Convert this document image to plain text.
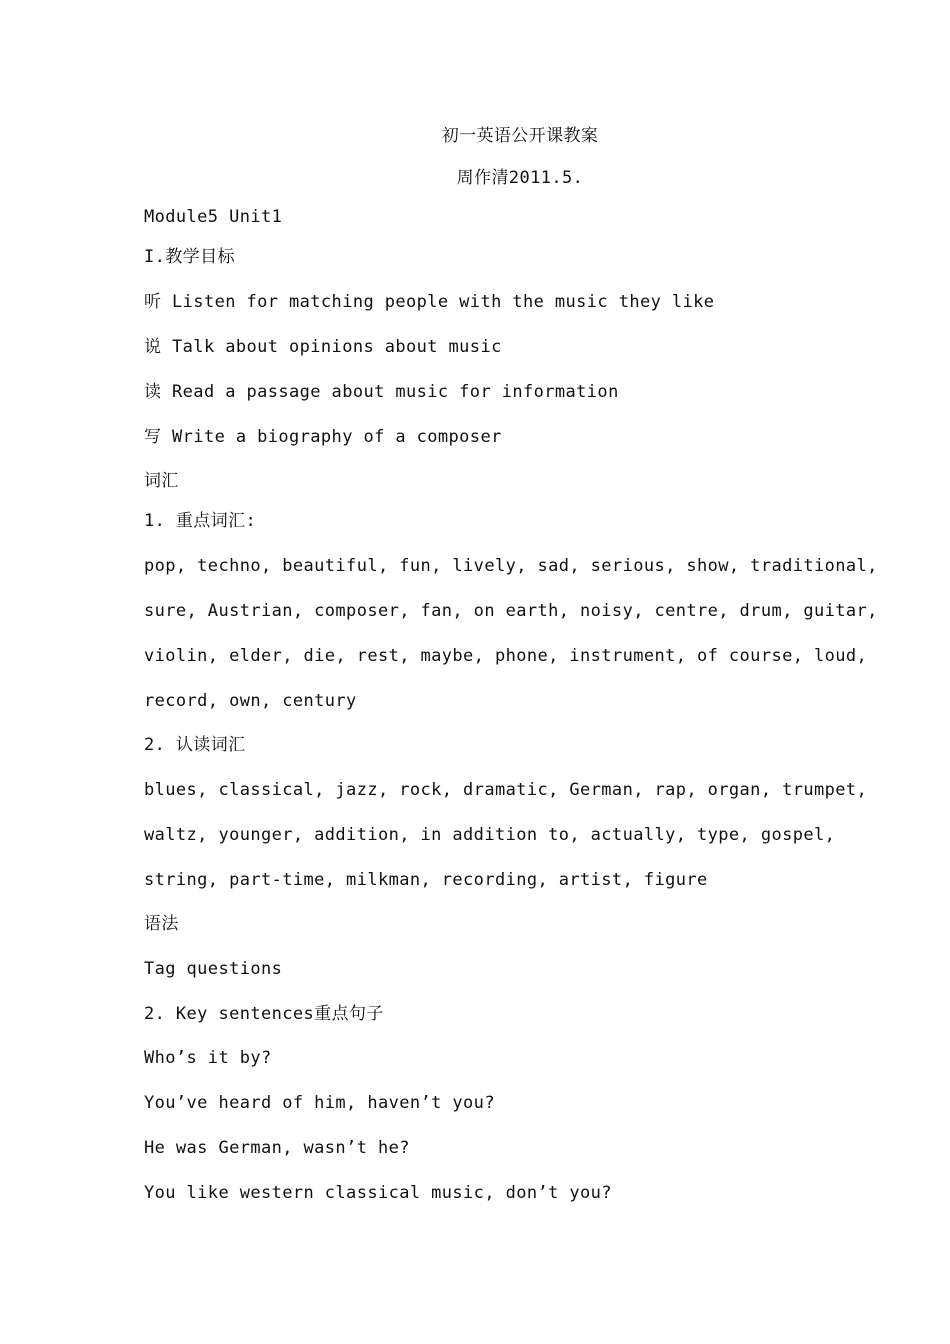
初一英语公开课教案
周作清2011.5.
Module5 Unit1
I.教学目标
听 Listen for matching people with the music they like
说 Talk about opinions about music
读 Read a passage about music for information
写 Write a biography of a composer
词汇
1. 重点词汇:
pop, techno, beautiful, fun, lively, sad, serious, show, traditional,
sure, Austrian, composer, fan, on earth, noisy, centre, drum, guitar,
violin, elder, die, rest, maybe, phone, instrument, of course, loud,
record, own, century
2. 认读词汇
blues, classical, jazz, rock, dramatic, German, rap, organ, trumpet,
waltz, younger, addition, in addition to, actually, type, gospel,
string, part-time, milkman, recording, artist, figure
语法
Tag questions
2. Key sentences重点句子
Who’s it by?
You’ve heard of him, haven’t you?
He was German, wasn’t he?
You like western classical music, don’t you?
